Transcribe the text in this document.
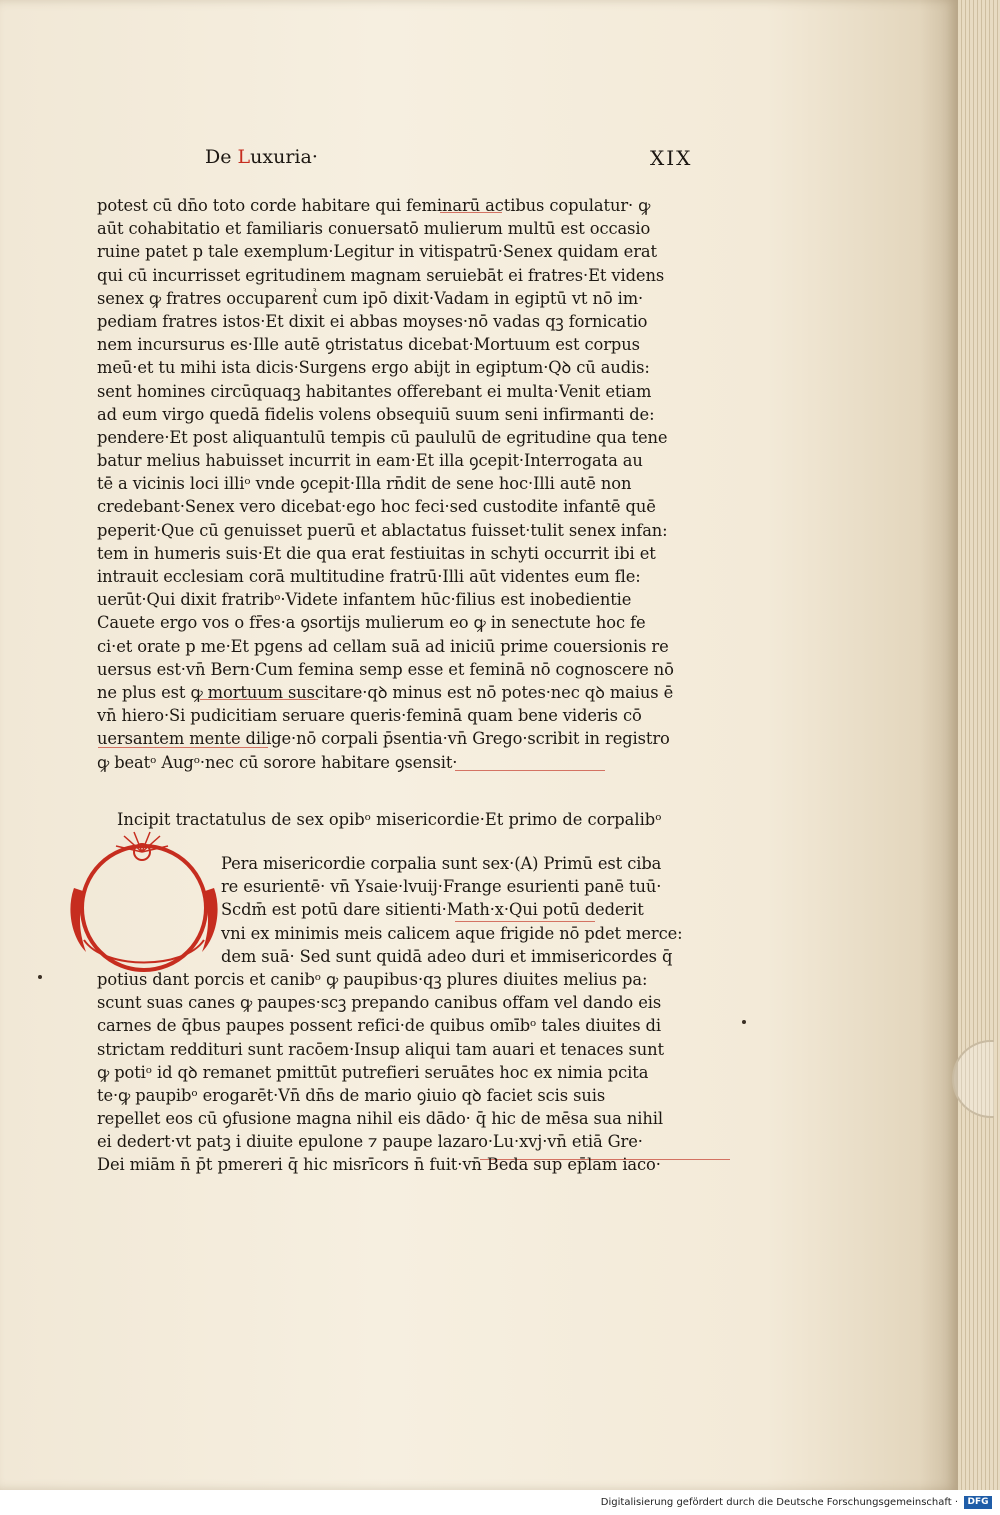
De Luxuria·	XIX
potest cū dn̄o toto corde habitare qui feminarū actibus copulatur· ꝙ
aūt cohabitatio et familiaris conuersatō mulierum multū est occasio
ruine patet p tale exemplum·Legitur in vitispatrū·Senex quidam erat
qui cū incurrisset egritudinem magnam seruiebāt ei fratres·Et videns
senex ꝙ fratres occuparentᷣ cum ipō dixit·Vadam in egiptū vt nō im·
pediam fratres istos·Et dixit ei abbas moyses·nō vadas qꝫ fornicatio
nem incursurus es·Ille autē ꝯtristatus dicebat·Mortuum est corpus
meū·et tu mihi ista dicis·Surgens ergo abijt in egiptum·Qꝺ cū audis:
sent homines circūquaqꝫ habitantes offerebant ei multa·Venit etiam
ad eum virgo quedā fidelis volens obsequiū suum seni infirmanti de:
pendere·Et post aliquantulū tempis cū paululū de egritudine qua tene
batur melius habuisset incurrit in eam·Et illa ꝯcepit·Interrogata au
tē a vicinis loci illiᵒ vnde ꝯcepit·Illa rn̄dit de sene hoc·Illi autē non
credebant·Senex vero dicebat·ego hoc feci·sed custodite infantē quē
peperit·Que cū genuisset puerū et ablactatus fuisset·tulit senex infan:
tem in humeris suis·Et die qua erat festiuitas in schyti occurrit ibi et
intrauit ecclesiam corā multitudine fratrū·Illi aūt videntes eum fle:
uerūt·Qui dixit fratribᵒ·Videte infantem hūc·filius est inobedientie
Cauete ergo vos o fr̄es·a ꝯsortijs mulierum eo ꝙ in senectute hoc fe
ci·et orate p me·Et pgens ad cellam suā ad iniciū prime couersionis re
uersus est·vn̄ Bern·Cum femina semp esse et feminā nō cognoscere nō
ne plus est ꝙ mortuum suscitare·qꝺ minus est nō potes·nec qꝺ maius ē
vn̄ hiero·Si pudicitiam seruare queris·feminā quam bene videris cō
uersantem mente dilige·nō corpali p̄sentia·vn̄ Grego·scribit in registro
ꝙ beatᵒ Augᵒ·nec cū sorore habitare ꝯsensit·
Incipit tractatulus de sex opibᵒ misericordie·Et primo de corpalibᵒ
Pera misericordie corpalia sunt sex·(A) Primū est ciba
re esurientē· vn̄ Ysaie·lvuij·Frange esurienti panē tuū·
Scdm̄ est potū dare sitienti·Math·x·Qui potū dederit
vni ex minimis meis calicem aque frigide nō pdet merce:
dem suā· Sed sunt quidā adeo duri et immisericordes q̄
potius dant porcis et canibᵒ ꝙ paupibus·qꝫ plures diuites melius pa:
scunt suas canes ꝙ paupes·scꝫ prepando canibus offam vel dando eis
carnes de q̄bus paupes possent refici·de quibus omībᵒ tales diuites di
strictam reddituri sunt racōem·Insup aliqui tam auari et tenaces sunt
ꝙ potiᵒ id qꝺ remanet pmittūt putrefieri seruātes hoc ex nimia pcita
te·ꝙ paupibᵒ erogarēt·Vn̄ dn̄s de mario ꝯiuio qꝺ faciet scis suis
repellet eos cū ꝯfusione magna nihil eis dādo· q̄ hic de mēsa sua nihil
ei dedert·vt patꝫ i diuite epulone ⁊ paupe lazaro·Lu·xvj·vn̄ etiā Gre·
Dei miām n̄ p̄t pmereri q̄ hic misrīcors n̄ fuit·vn̄ Beda sup ep̄lam iaco·
Digitalisierung gefördert durch die Deutsche Forschungsgemeinschaft ·	DFG
